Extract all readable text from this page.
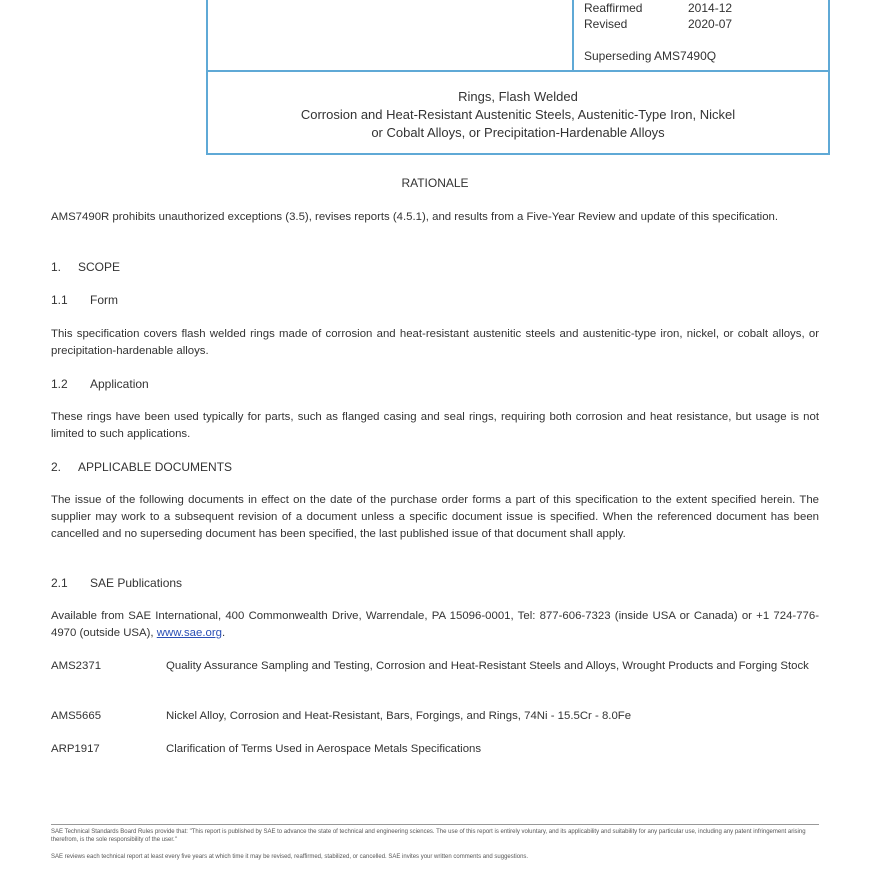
Reaffirmed	2014-12
Revised	2020-07
Superseding AMS7490Q
Rings, Flash Welded
Corrosion and Heat-Resistant Austenitic Steels, Austenitic-Type Iron, Nickel
or Cobalt Alloys, or Precipitation-Hardenable Alloys
RATIONALE
AMS7490R prohibits unauthorized exceptions (3.5), revises reports (4.5.1), and results from a Five-Year Review and update of this specification.
1. SCOPE
1.1 Form
This specification covers flash welded rings made of corrosion and heat-resistant austenitic steels and austenitic-type iron, nickel, or cobalt alloys, or precipitation-hardenable alloys.
1.2 Application
These rings have been used typically for parts, such as flanged casing and seal rings, requiring both corrosion and heat resistance, but usage is not limited to such applications.
2. APPLICABLE DOCUMENTS
The issue of the following documents in effect on the date of the purchase order forms a part of this specification to the extent specified herein. The supplier may work to a subsequent revision of a document unless a specific document issue is specified. When the referenced document has been cancelled and no superseding document has been specified, the last published issue of that document shall apply.
2.1 SAE Publications
Available from SAE International, 400 Commonwealth Drive, Warrendale, PA 15096-0001, Tel: 877-606-7323 (inside USA or Canada) or +1 724-776-4970 (outside USA), www.sae.org.
AMS2371	Quality Assurance Sampling and Testing, Corrosion and Heat-Resistant Steels and Alloys, Wrought Products and Forging Stock
AMS5665	Nickel Alloy, Corrosion and Heat-Resistant, Bars, Forgings, and Rings, 74Ni - 15.5Cr - 8.0Fe
ARP1917	Clarification of Terms Used in Aerospace Metals Specifications
SAE Technical Standards Board Rules provide that: "This report is published by SAE to advance the state of technical and engineering sciences. The use of this report is entirely voluntary, and its applicability and suitability for any particular use, including any patent infringement arising therefrom, is the sole responsibility of the user."
SAE reviews each technical report at least every five years at which time it may be revised, reaffirmed, stabilized, or cancelled. SAE invites your written comments and suggestions.
